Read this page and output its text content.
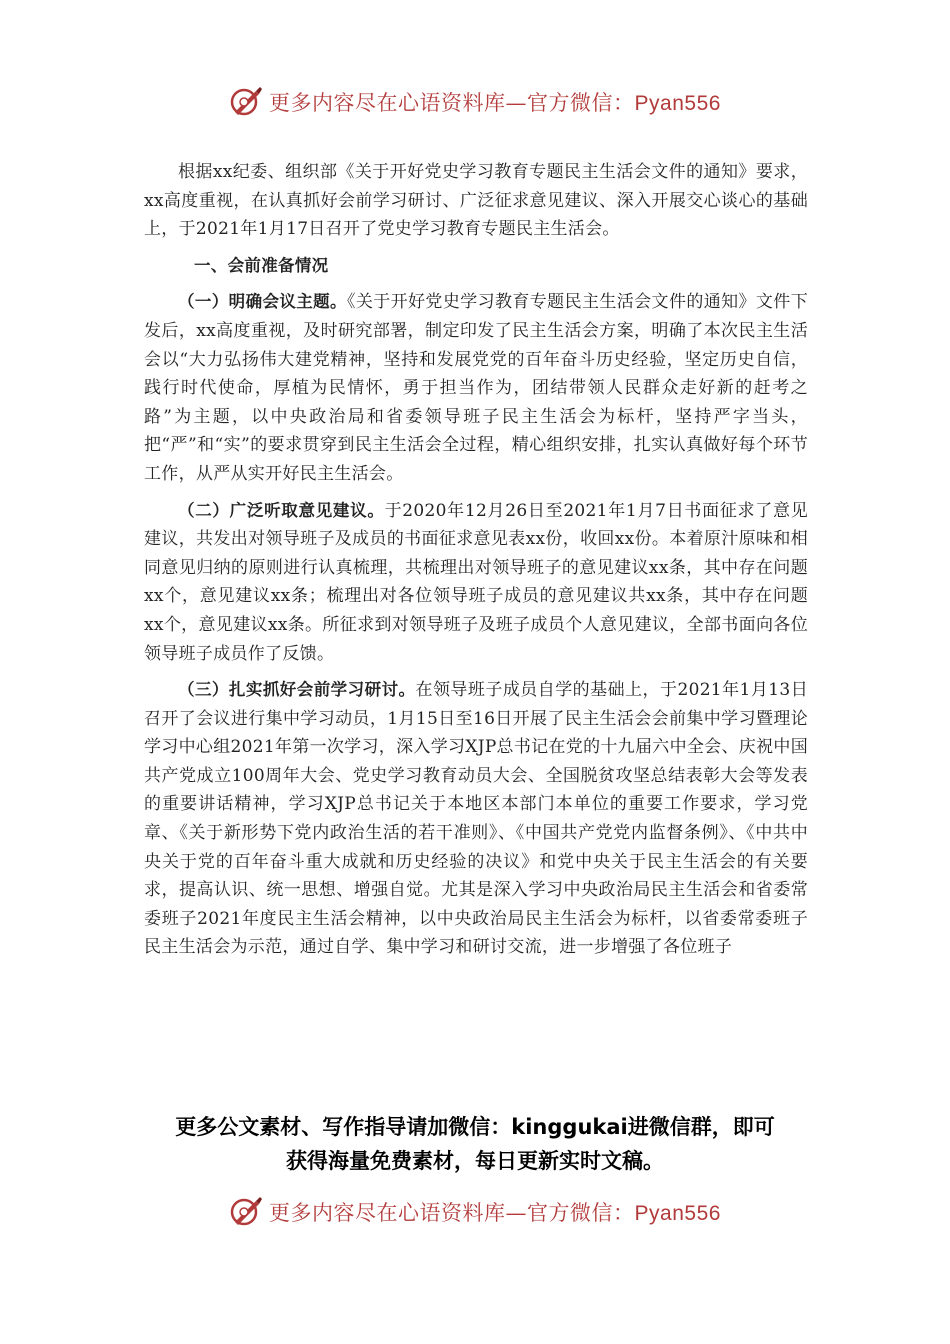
更多内容尽在心语资料库—官方微信：Pyan556

根据xx纪委、组织部《关于开好党史学习教育专题民主生活会文件的通知》要求，xx高度重视，在认真抓好会前学习研讨、广泛征求意见建议、深入开展交心谈心的基础上，于2021年1月17日召开了党史学习教育专题民主生活会。

一、会前准备情况

（一）明确会议主题。《关于开好党史学习教育专题民主生活会文件的通知》文件下发后，xx高度重视，及时研究部署，制定印发了民主生活会方案，明确了本次民主生活会以“大力弘扬伟大建党精神，坚持和发展党党的百年奋斗历史经验，坚定历史自信，践行时代使命，厚植为民情怀，勇于担当作为，团结带领人民群众走好新的赶考之路”为主题，以中央政治局和省委领导班子民主生活会为标杆，坚持严字当头，把“严”和“实”的要求贯穿到民主生活会全过程，精心组织安排，扎实认真做好每个环节工作，从严从实开好民主生活会。

（二）广泛听取意见建议。于2020年12月26日至2021年1月7日书面征求了意见建议，共发出对领导班子及成员的书面征求意见表xx份，收回xx份。本着原汁原味和相同意见归纳的原则进行认真梳理，共梳理出对领导班子的意见建议xx条，其中存在问题xx个，意见建议xx条；梳理出对各位领导班子成员的意见建议共xx条，其中存在问题xx个，意见建议xx条。所征求到对领导班子及班子成员个人意见建议，全部书面向各位领导班子成员作了反馈。

（三）扎实抓好会前学习研讨。在领导班子成员自学的基础上，于2021年1月13日召开了会议进行集中学习动员，1月15日至16日开展了民主生活会会前集中学习暨理论学习中心组2021年第一次学习，深入学习XJP总书记在党的十九届六中全会、庆祝中国共产党成立100周年大会、党史学习教育动员大会、全国脱贫攻坚总结表彰大会等发表的重要讲话精神，学习XJP总书记关于本地区本部门本单位的重要工作要求，学习党章、《关于新形势下党内政治生活的若干准则》、《中国共产党党内监督条例》、《中共中央关于党的百年奋斗重大成就和历史经验的决议》和党中央关于民主生活会的有关要求，提高认识、统一思想、增强自觉。尤其是深入学习中央政治局民主生活会和省委常委班子2021年度民主生活会精神，以中央政治局民主生活会为标杆，以省委常委班子民主生活会为示范，通过自学、集中学习和研讨交流，进一步增强了各位班子

更多公文素材、写作指导请加微信：kinggukai进微信群，即可
获得海量免费素材，每日更新实时文稿。
更多内容尽在心语资料库—官方微信：Pyan556
